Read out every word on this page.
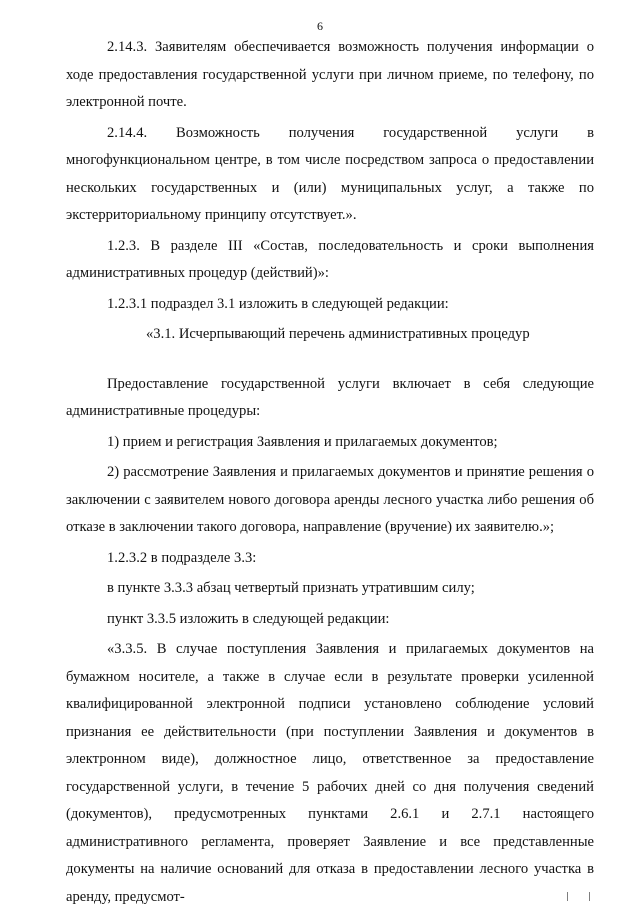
6

2.14.3. Заявителям обеспечивается возможность получения информации о ходе предоставления государственной услуги при личном приеме, по телефону, по электронной почте.

2.14.4. Возможность получения государственной услуги в многофункциональном центре, в том числе посредством запроса о предоставлении нескольких государственных и (или) муниципальных услуг, а также по экстерриториальному принципу отсутствует.».

1.2.3. В разделе III «Состав, последовательность и сроки выполнения административных процедур (действий)»:

1.2.3.1 подраздел 3.1 изложить в следующей редакции:

«3.1. Исчерпывающий перечень административных процедур

Предоставление государственной услуги включает в себя следующие административные процедуры:

1) прием и регистрация Заявления и прилагаемых документов;

2) рассмотрение Заявления и прилагаемых документов и принятие решения о заключении с заявителем нового договора аренды лесного участка либо решения об отказе в заключении такого договора, направление (вручение) их заявителю.»;

1.2.3.2 в подразделе 3.3:

в пункте 3.3.3 абзац четвертый признать утратившим силу;

пункт 3.3.5 изложить в следующей редакции:

«3.3.5. В случае поступления Заявления и прилагаемых документов на бумажном носителе, а также в случае если в результате проверки усиленной квалифицированной электронной подписи установлено соблюдение условий признания ее действительности (при поступлении Заявления и документов в электронном виде), должностное лицо, ответственное за предоставление государственной услуги, в течение 5 рабочих дней со дня получения сведений (документов), предусмотренных пунктами 2.6.1 и 2.7.1 настоящего административного регламента, проверяет Заявление и все представленные документы на наличие оснований для отказа в предоставлении лесного участка в аренду, предусмот-	| |
